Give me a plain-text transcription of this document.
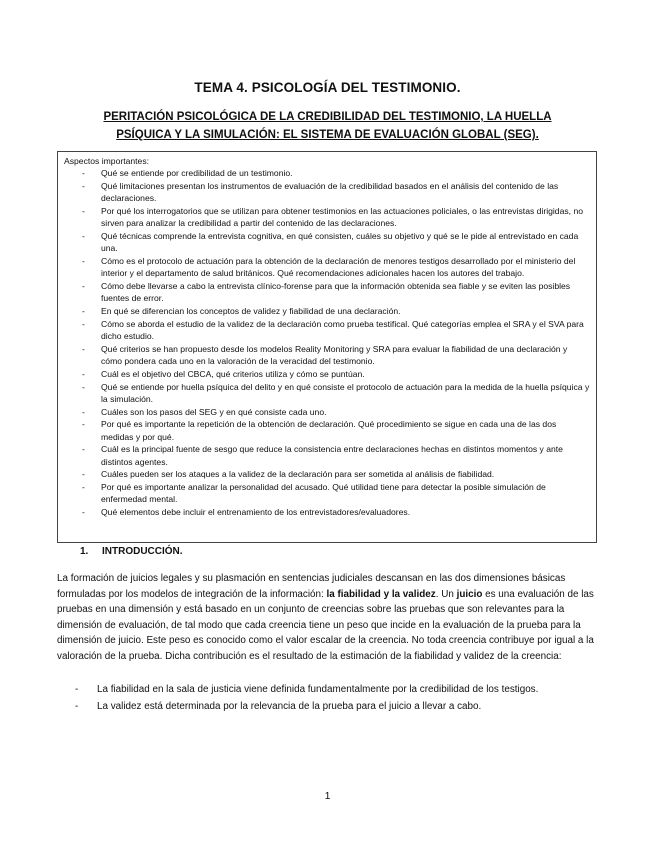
TEMA 4. PSICOLOGÍA DEL TESTIMONIO.
PERITACIÓN PSICOLÓGICA DE LA CREDIBILIDAD DEL TESTIMONIO, LA HUELLA PSÍQUICA Y LA SIMULACIÓN: EL SISTEMA DE EVALUACIÓN GLOBAL (SEG).

Aspectos importantes:

- Qué se entiende por credibilidad de un testimonio.
- Qué limitaciones presentan los instrumentos de evaluación de la credibilidad basados en el análisis del contenido de las declaraciones.
- Por qué los interrogatorios que se utilizan para obtener testimonios en las actuaciones policiales, o las entrevistas dirigidas, no sirven para analizar la credibilidad a partir del contenido de las declaraciones.
- Qué técnicas comprende la entrevista cognitiva, en qué consisten, cuáles su objetivo y qué se le pide al entrevistado en cada una.
- Cómo es el protocolo de actuación para la obtención de la declaración de menores testigos desarrollado por el ministerio del interior y el departamento de salud británicos. Qué recomendaciones adicionales hacen los autores del trabajo.
- Cómo debe llevarse a cabo la entrevista clínico-forense para que la información obtenida sea fiable y se eviten las posibles fuentes de error.
- En qué se diferencian los conceptos de validez y fiabilidad de una declaración.
- Cómo se aborda el estudio de la validez de la declaración como prueba testifical. Qué categorías emplea el SRA y el SVA para dicho estudio.
- Qué criterios se han propuesto desde los modelos Reality Monitoring y SRA para evaluar la fiabilidad de una declaración y cómo pondera cada uno en la valoración de la veracidad del testimonio.
- Cuál es el objetivo del CBCA, qué criterios utiliza y cómo se puntúan.
- Qué se entiende por huella psíquica del delito y en qué consiste el protocolo de actuación para la medida de la huella psíquica y la simulación.
- Cuáles son los pasos del SEG y en qué consiste cada uno.
- Por qué es importante la repetición de la obtención de declaración. Qué procedimiento se sigue en cada una de las dos medidas y por qué.
- Cuál es la principal fuente de sesgo que reduce la consistencia entre declaraciones hechas en distintos momentos y ante distintos agentes.
- Cuáles pueden ser los ataques a la validez de la declaración para ser sometida al análisis de fiabilidad.
- Por qué es importante analizar la personalidad del acusado. Qué utilidad tiene para detectar la posible simulación de enfermedad mental.
- Qué elementos debe incluir el entrenamiento de los entrevistadores/evaluadores.
1. INTRODUCCIÓN.

La formación de juicios legales y su plasmación en sentencias judiciales descansan en las dos dimensiones básicas formuladas por los modelos de integración de la información: la fiabilidad y la validez. Un juicio es una evaluación de las pruebas en una dimensión y está basado en un conjunto de creencias sobre las pruebas que son relevantes para la dimensión de evaluación, de tal modo que cada creencia tiene un peso que incide en la evaluación de la prueba para la dimensión de juicio. Este peso es conocido como el valor escalar de la creencia. No toda creencia contribuye por igual a la valoración de la prueba. Dicha contribución es el resultado de la estimación de la fiabilidad y validez de la creencia:

- La fiabilidad en la sala de justicia viene definida fundamentalmente por la credibilidad de los testigos.
- La validez está determinada por la relevancia de la prueba para el juicio a llevar a cabo.
1
